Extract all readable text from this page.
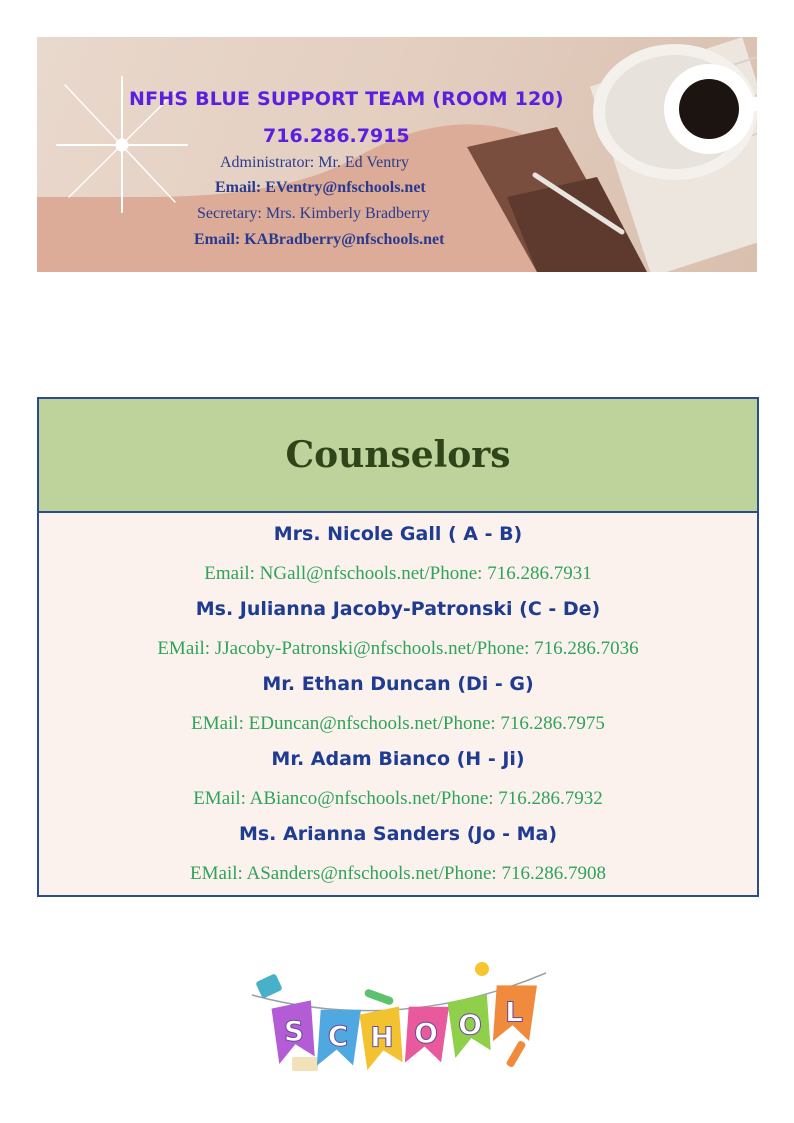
NFHS BLUE SUPPORT TEAM (ROOM 120)
716.286.7915
Administrator: Mr. Ed Ventry
Email: EVentry@nfschools.net
Secretary: Mrs. Kimberly Bradberry
Email: KABradberry@nfschools.net
Counselors
Mrs. Nicole Gall ( A - B)
Email: NGall@nfschools.net/Phone: 716.286.7931
Ms. Julianna Jacoby-Patronski (C - De)
EMail: JJacoby-Patronski@nfschools.net/Phone: 716.286.7036
Mr. Ethan Duncan (Di - G)
EMail: EDuncan@nfschools.net/Phone: 716.286.7975
Mr. Adam Bianco (H - Ji)
EMail: ABianco@nfschools.net/Phone: 716.286.7932
Ms. Arianna Sanders (Jo - Ma)
EMail: ASanders@nfschools.net/Phone: 716.286.7908
S C H O O L
